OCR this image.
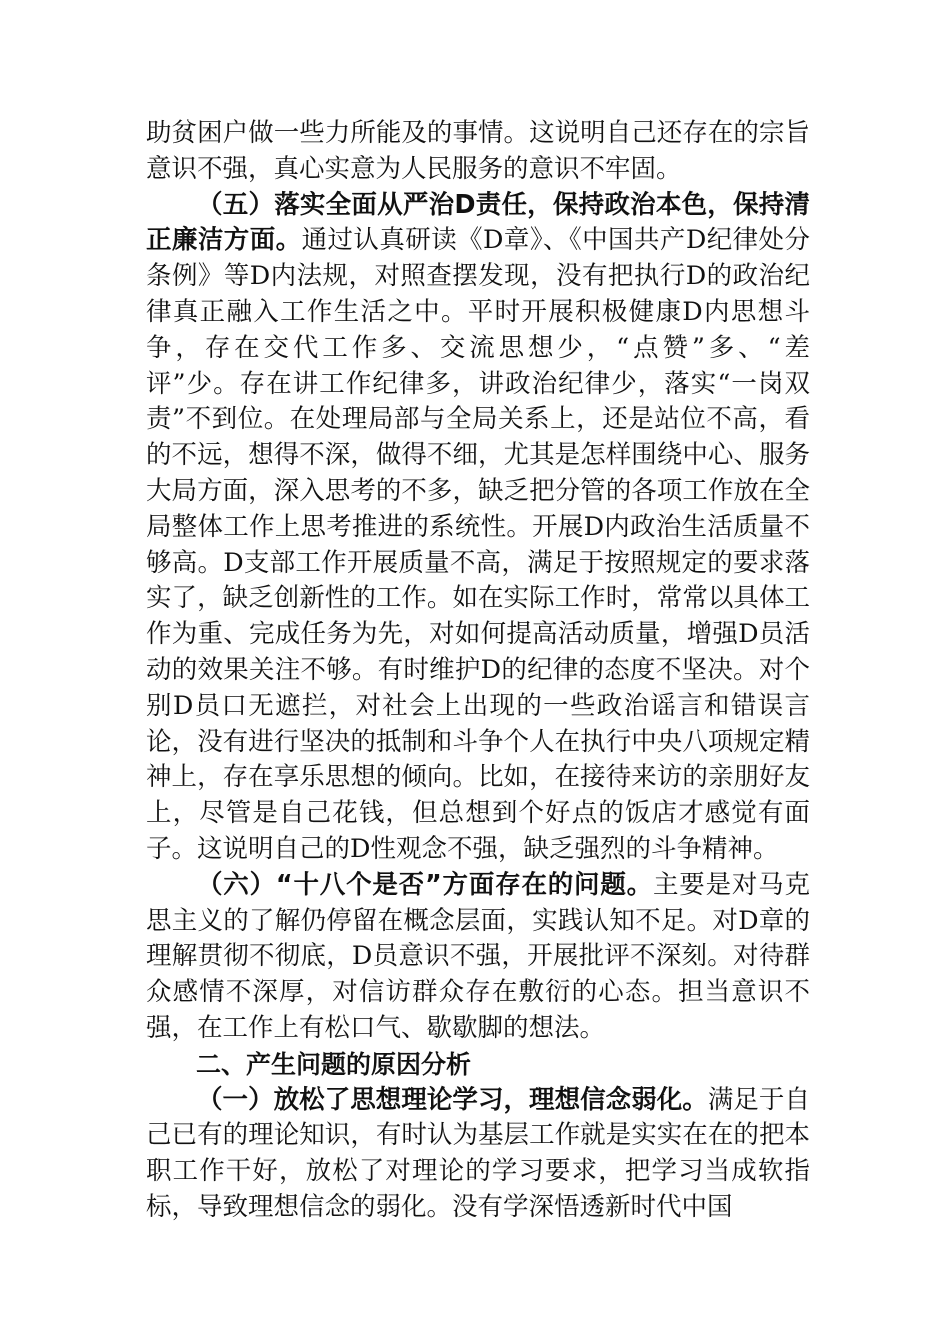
助贫困户做一些力所能及的事情。这说明自己还存在的宗旨意识不强，真心实意为人民服务的意识不牢固。

（五）落实全面从严治D责任，保持政治本色，保持清正廉洁方面。通过认真研读《D章》、《中国共产D纪律处分条例》等D内法规，对照查摆发现，没有把执行D的政治纪律真正融入工作生活之中。平时开展积极健康D内思想斗争，存在交代工作多、交流思想少，“点赞”多、“差评”少。存在讲工作纪律多，讲政治纪律少，落实“一岗双责”不到位。在处理局部与全局关系上，还是站位不高，看的不远，想得不深，做得不细，尤其是怎样围绕中心、服务大局方面，深入思考的不多，缺乏把分管的各项工作放在全局整体工作上思考推进的系统性。开展D内政治生活质量不够高。D支部工作开展质量不高，满足于按照规定的要求落实了，缺乏创新性的工作。如在实际工作时，常常以具体工作为重、完成任务为先，对如何提高活动质量，增强D员活动的效果关注不够。有时维护D的纪律的态度不坚决。对个别D员口无遮拦，对社会上出现的一些政治谣言和错误言论，没有进行坚决的抵制和斗争个人在执行中央八项规定精神上，存在享乐思想的倾向。比如，在接待来访的亲朋好友上，尽管是自己花钱，但总想到个好点的饭店才感觉有面子。这说明自己的D性观念不强，缺乏强烈的斗争精神。

（六）“十八个是否”方面存在的问题。主要是对马克思主义的了解仍停留在概念层面，实践认知不足。对D章的理解贯彻不彻底，D员意识不强，开展批评不深刻。对待群众感情不深厚，对信访群众存在敷衍的心态。担当意识不强，在工作上有松口气、歇歇脚的想法。

二、产生问题的原因分析

（一）放松了思想理论学习，理想信念弱化。满足于自己已有的理论知识，有时认为基层工作就是实实在在的把本职工作干好，放松了对理论的学习要求，把学习当成软指标，导致理想信念的弱化。没有学深悟透新时代中国
